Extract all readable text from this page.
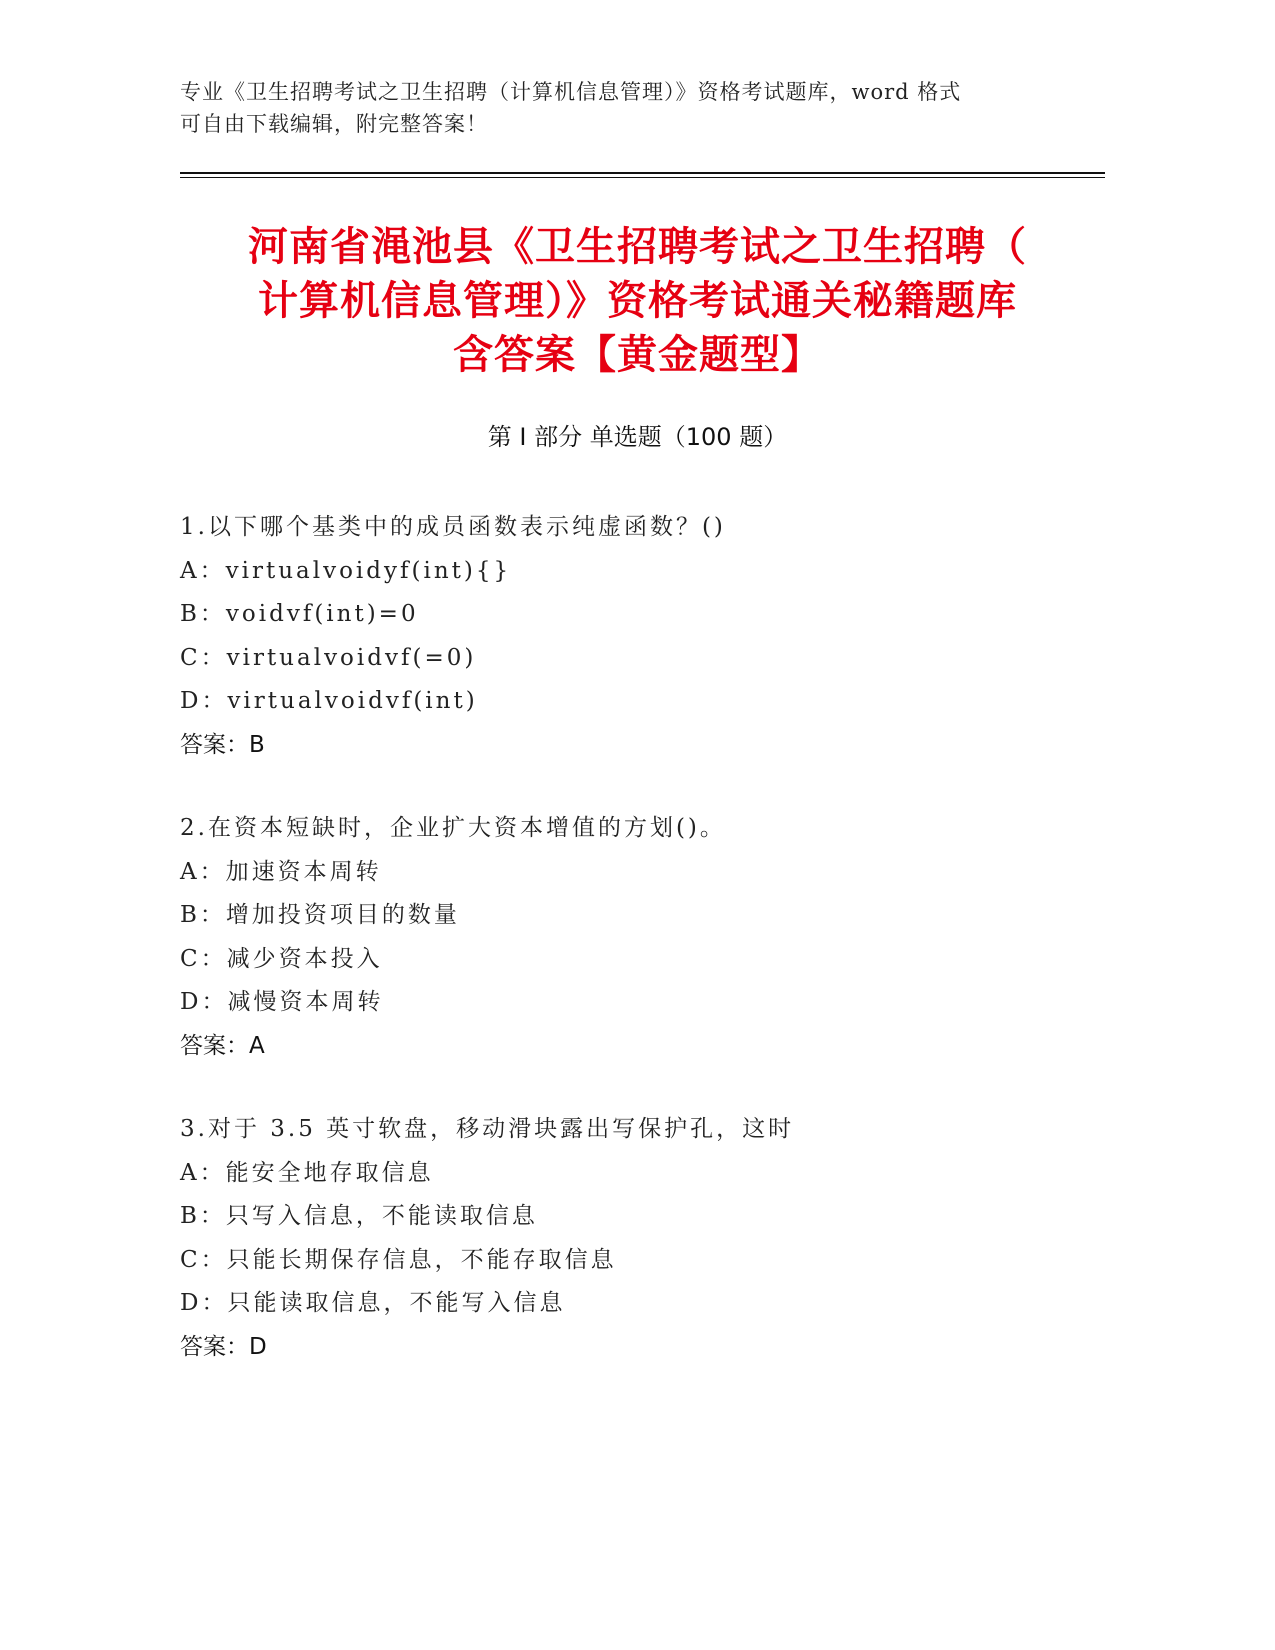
专业《卫生招聘考试之卫生招聘（计算机信息管理）》资格考试题库，word 格式
可自由下载编辑，附完整答案！
河南省渑池县《卫生招聘考试之卫生招聘（
计算机信息管理）》资格考试通关秘籍题库
含答案【黄金题型】
第 I 部分 单选题（100 题）
1.以下哪个基类中的成员函数表示纯虚函数？()
A：virtualvoidyf(int){}
B：voidvf(int)=0
C：virtualvoidvf(=0)
D：virtualvoidvf(int)
答案：B
2.在资本短缺时，企业扩大资本增值的方划()。
A：加速资本周转
B：增加投资项目的数量
C：减少资本投入
D：减慢资本周转
答案：A
3.对于 3.5 英寸软盘，移动滑块露出写保护孔，这时
A：能安全地存取信息
B：只写入信息，不能读取信息
C：只能长期保存信息，不能存取信息
D：只能读取信息，不能写入信息
答案：D
